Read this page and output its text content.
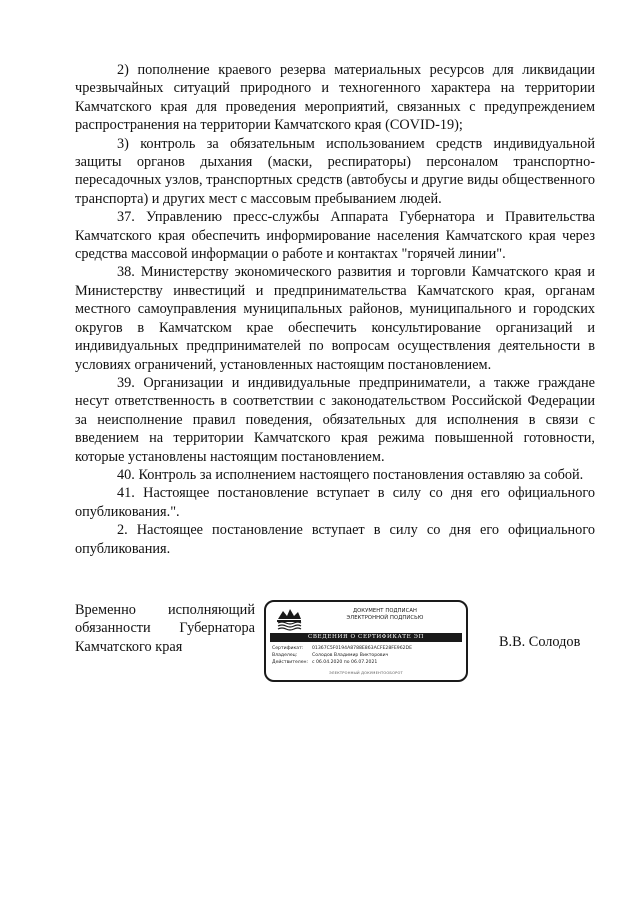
2) пополнение краевого резерва материальных ресурсов для ликвидации чрезвычайных ситуаций природного и техногенного характера на территории Камчатского края для проведения мероприятий, связанных с предупреждением распространения на территории Камчатского края (COVID-19);

3) контроль за обязательным использованием средств индивидуальной защиты органов дыхания (маски, респираторы) персоналом транспортно-пересадочных узлов, транспортных средств (автобусы и другие виды общественного транспорта) и других мест с массовым пребыванием людей.

37. Управлению пресс-службы Аппарата Губернатора и Правительства Камчатского края обеспечить информирование населения Камчатского края через средства массовой информации о работе и контактах "горячей линии".

38. Министерству экономического развития и торговли Камчатского края и Министерству инвестиций и предпринимательства Камчатского края, органам местного самоуправления муниципальных районов, муниципального и городских округов в Камчатском крае обеспечить консультирование организаций и индивидуальных предпринимателей по вопросам осуществления деятельности в условиях ограничений, установленных настоящим постановлением.

39. Организации и индивидуальные предприниматели, а также граждане несут ответственность в соответствии с законодательством Российской Федерации за неисполнение правил поведения, обязательных для исполнения в связи с введением на территории Камчатского края режима повышенной готовности, которые установлены настоящим постановлением.

40. Контроль за исполнением настоящего постановления оставляю за собой.

41. Настоящее постановление вступает в силу со дня его официального опубликования.".

2. Настоящее постановление вступает в силу со дня его официального опубликования.

Временно исполняющий
обязанности Губернатора
Камчатского края
ДОКУМЕНТ ПОДПИСАН
ЭЛЕКТРОННОЙ ПОДПИСЬЮ
СВЕДЕНИЯ О СЕРТИФИКАТЕ ЭП
Сертификат:	01367C5F0194A8788E863ACFE28FE962DE
Владелец:	Солодов Владимир Викторович
Действителен: с 06.04.2020 по 06.07.2021
ЭЛЕКТРОННЫЙ ДОКУМЕНТООБОРОТ
В.В. Солодов
